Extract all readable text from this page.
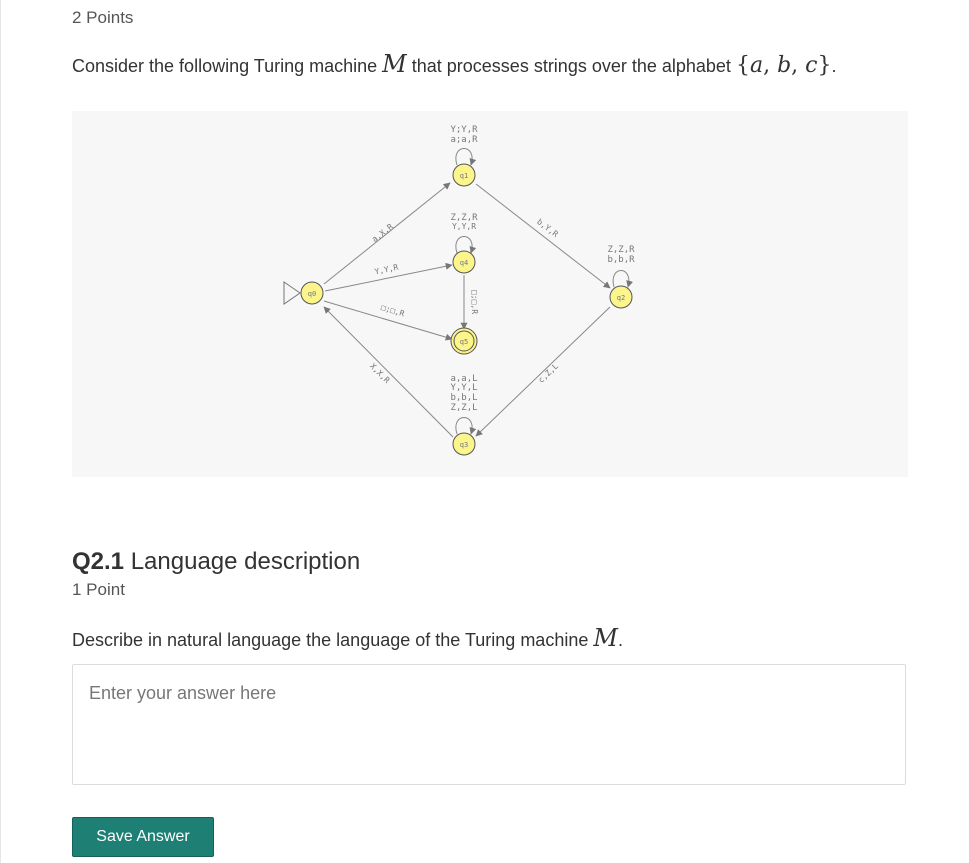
2 Points
Consider the following Turing machine M that processes strings over the alphabet {a, b, c}.
q1
q4
q0
q5
q2
q3
Y;Y,R
a;a,R
Z,Z,R
Y,Y,R
Z,Z,R
b,b,R
a,a,L
Y,Y,L
b,b,L
Z,Z,L
a,X,R
Y,Y,R
□;□,R
X,X,R
□;□,R
b,Y,R
c,Z,L
Q2.1 Language description
1 Point
Describe in natural language the language of the Turing machine M.
Enter your answer here
Save Answer
